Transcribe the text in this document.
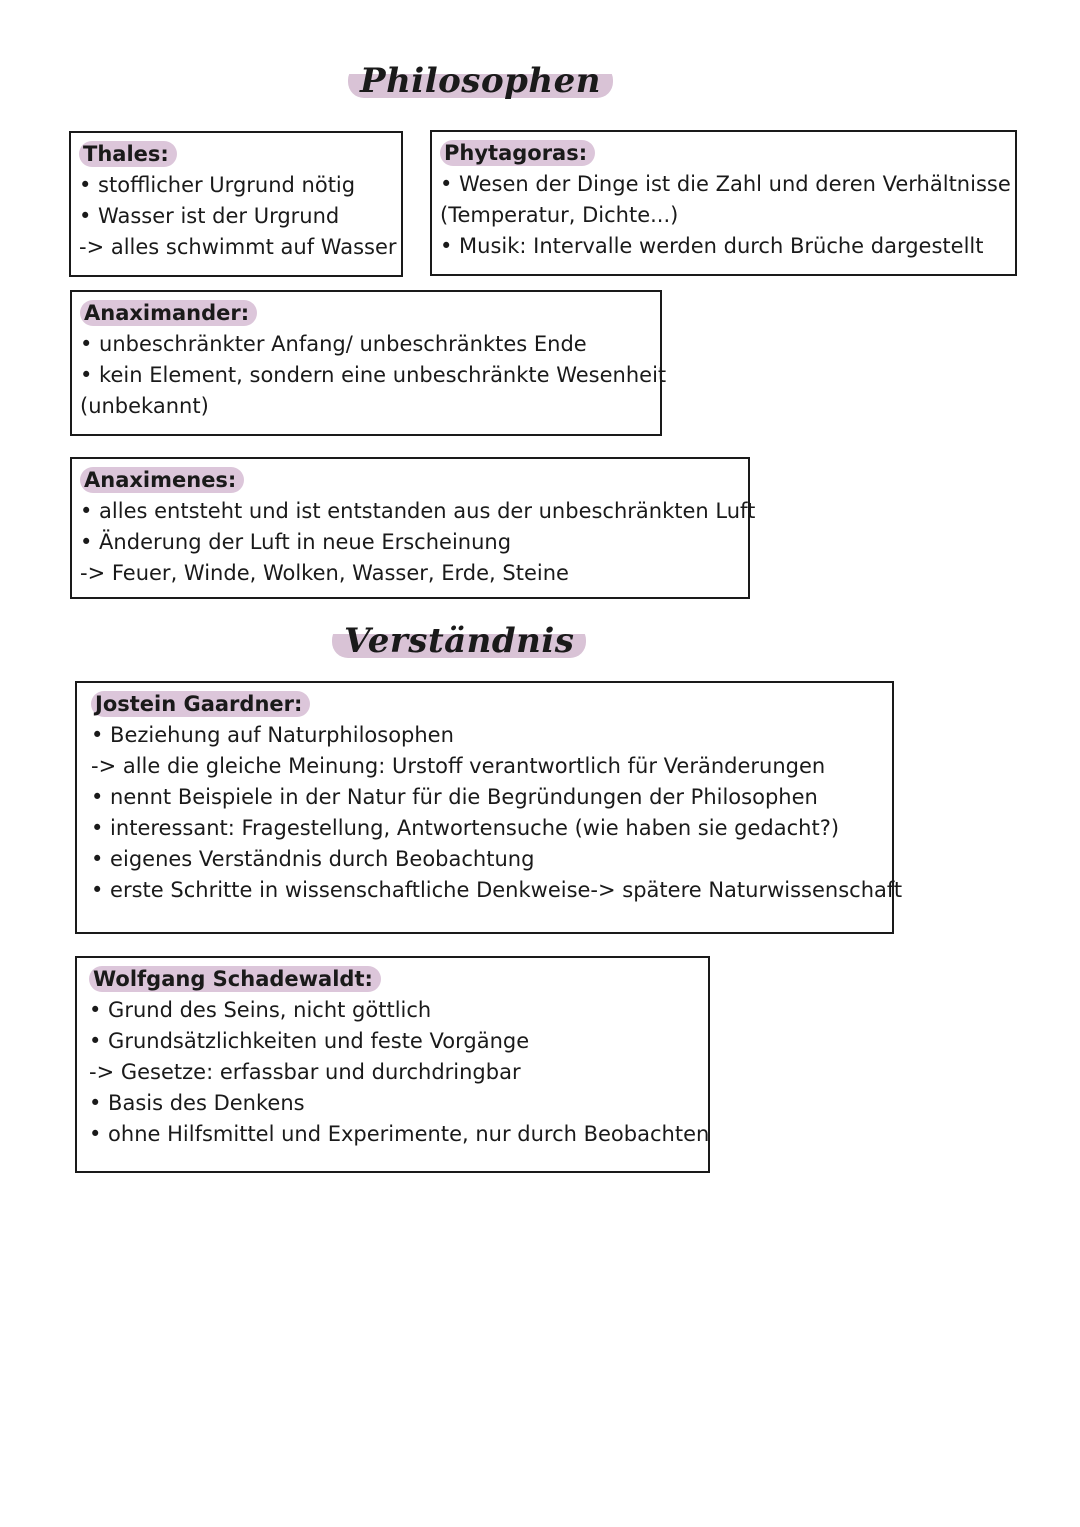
Philosophen
Thales:
• stofflicher Urgrund nötig
• Wasser ist der Urgrund
-> alles schwimmt auf Wasser
Phytagoras:
• Wesen der Dinge ist die Zahl und deren Verhältnisse
(Temperatur, Dichte...)
• Musik: Intervalle werden durch Brüche dargestellt
Anaximander:
• unbeschränkter Anfang/ unbeschränktes Ende
• kein Element, sondern eine unbeschränkte Wesenheit
(unbekannt)
Anaximenes:
• alles entsteht und ist entstanden aus der unbeschränkten Luft
• Änderung der Luft in neue Erscheinung
-> Feuer, Winde, Wolken, Wasser, Erde, Steine
Verständnis
Jostein Gaardner:
• Beziehung auf Naturphilosophen
-> alle die gleiche Meinung: Urstoff verantwortlich für Veränderungen
• nennt Beispiele in der Natur für die Begründungen der Philosophen
• interessant: Fragestellung, Antwortensuche (wie haben sie gedacht?)
• eigenes Verständnis durch Beobachtung
• erste Schritte in wissenschaftliche Denkweise-> spätere Naturwissenschaft
Wolfgang Schadewaldt:
• Grund des Seins, nicht göttlich
• Grundsätzlichkeiten und feste Vorgänge
-> Gesetze: erfassbar und durchdringbar
• Basis des Denkens
• ohne Hilfsmittel und Experimente, nur durch Beobachten
